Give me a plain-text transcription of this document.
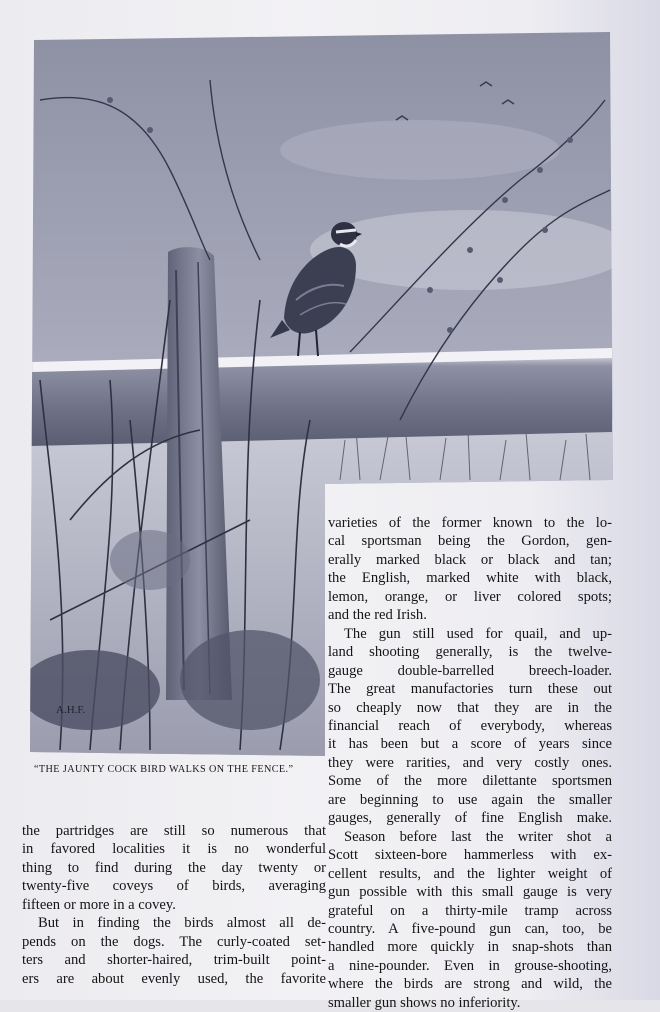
A.H.F.
“THE JAUNTY COCK BIRD WALKS ON THE FENCE.”

varieties of the former known to the lo-
cal sportsman being the Gordon, gen-
erally marked black or black and tan;
the English, marked white with black,
lemon, orange, or liver colored spots;
and the red Irish.

The gun still used for quail, and up-
land shooting generally, is the twelve-
gauge double-barrelled breech-loader.
The great manufactories turn these out
so cheaply now that they are in the
financial reach of everybody, whereas
it has been but a score of years since
they were rarities, and very costly ones.
Some of the more dilettante sportsmen
are beginning to use again the smaller
gauges, generally of fine English make.
Season before last the writer shot a
Scott sixteen-bore hammerless with ex-
cellent results, and the lighter weight of
gun possible with this small gauge is very
grateful on a thirty-mile tramp across
country. A five-pound gun can, too, be
handled more quickly in snap-shots than
a nine-pounder. Even in grouse-shooting,
where the birds are strong and wild, the
smaller gun shows no inferiority.

the partridges are still so numerous that
in favored localities it is no wonderful
thing to find during the day twenty or
twenty-five coveys of birds, averaging
fifteen or more in a covey.

But in finding the birds almost all de-
pends on the dogs. The curly-coated set-
ters and shorter-haired, trim-built point-
ers are about evenly used, the favorite
